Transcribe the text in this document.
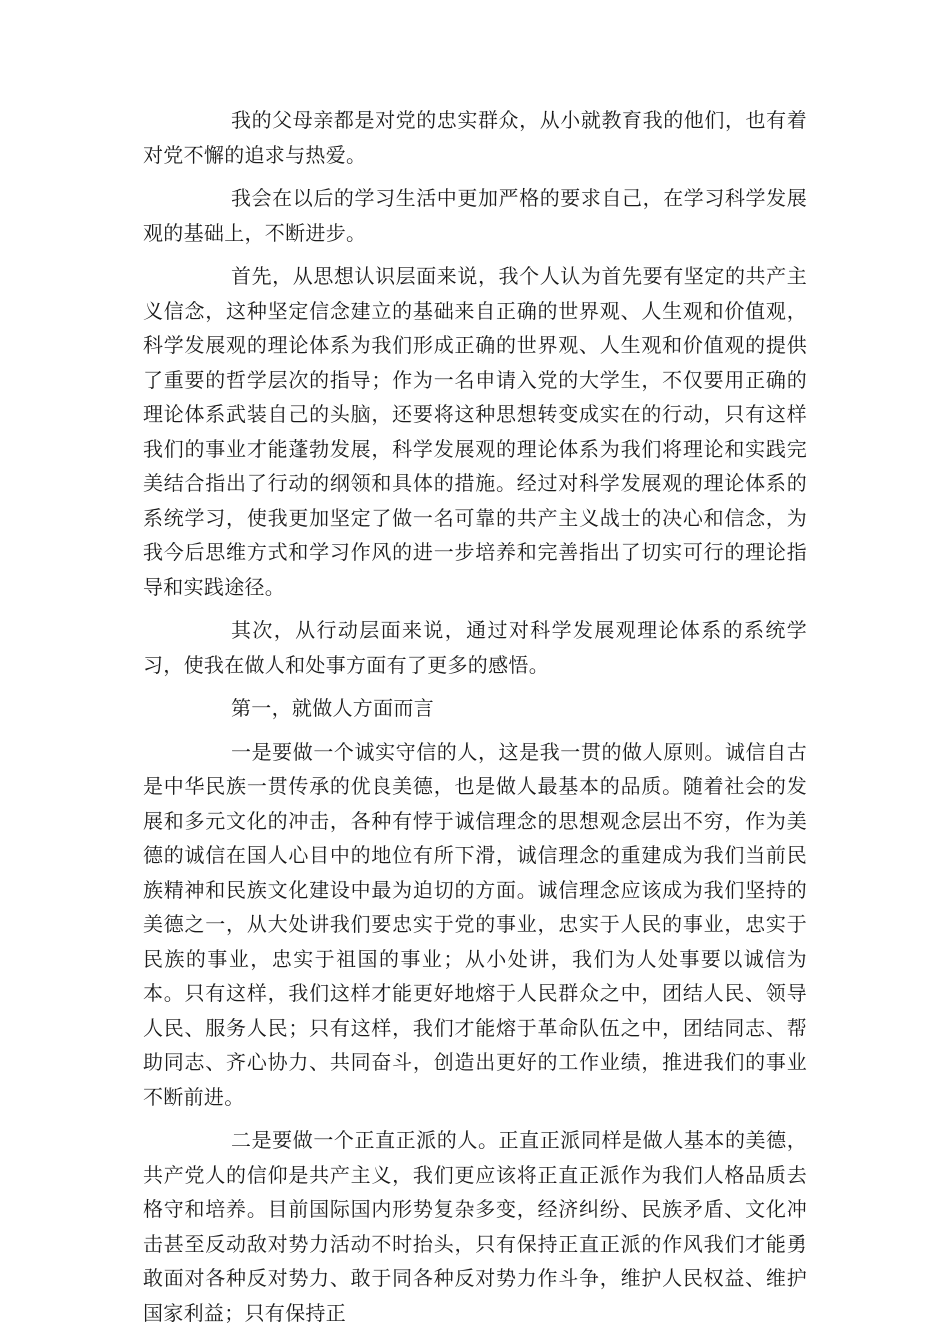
我的父母亲都是对党的忠实群众，从小就教育我的他们，也有着对党不懈的追求与热爱。

我会在以后的学习生活中更加严格的要求自己，在学习科学发展观的基础上，不断进步。

首先，从思想认识层面来说，我个人认为首先要有坚定的共产主义信念，这种坚定信念建立的基础来自正确的世界观、人生观和价值观，科学发展观的理论体系为我们形成正确的世界观、人生观和价值观的提供了重要的哲学层次的指导；作为一名申请入党的大学生，不仅要用正确的理论体系武装自己的头脑，还要将这种思想转变成实在的行动，只有这样我们的事业才能蓬勃发展，科学发展观的理论体系为我们将理论和实践完美结合指出了行动的纲领和具体的措施。经过对科学发展观的理论体系的系统学习，使我更加坚定了做一名可靠的共产主义战士的决心和信念，为我今后思维方式和学习作风的进一步培养和完善指出了切实可行的理论指导和实践途径。

其次，从行动层面来说，通过对科学发展观理论体系的系统学习，使我在做人和处事方面有了更多的感悟。

第一，就做人方面而言

一是要做一个诚实守信的人，这是我一贯的做人原则。诚信自古是中华民族一贯传承的优良美德，也是做人最基本的品质。随着社会的发展和多元文化的冲击，各种有悖于诚信理念的思想观念层出不穷，作为美德的诚信在国人心目中的地位有所下滑，诚信理念的重建成为我们当前民族精神和民族文化建设中最为迫切的方面。诚信理念应该成为我们坚持的美德之一，从大处讲我们要忠实于党的事业，忠实于人民的事业，忠实于民族的事业，忠实于祖国的事业；从小处讲，我们为人处事要以诚信为本。只有这样，我们这样才能更好地熔于人民群众之中，团结人民、领导人民、服务人民；只有这样，我们才能熔于革命队伍之中，团结同志、帮助同志、齐心协力、共同奋斗，创造出更好的工作业绩，推进我们的事业不断前进。

二是要做一个正直正派的人。正直正派同样是做人基本的美德，共产党人的信仰是共产主义，我们更应该将正直正派作为我们人格品质去格守和培养。目前国际国内形势复杂多变，经济纠纷、民族矛盾、文化冲击甚至反动敌对势力活动不时抬头，只有保持正直正派的作风我们才能勇敢面对各种反对势力、敢于同各种反对势力作斗争，维护人民权益、维护国家利益；只有保持正
